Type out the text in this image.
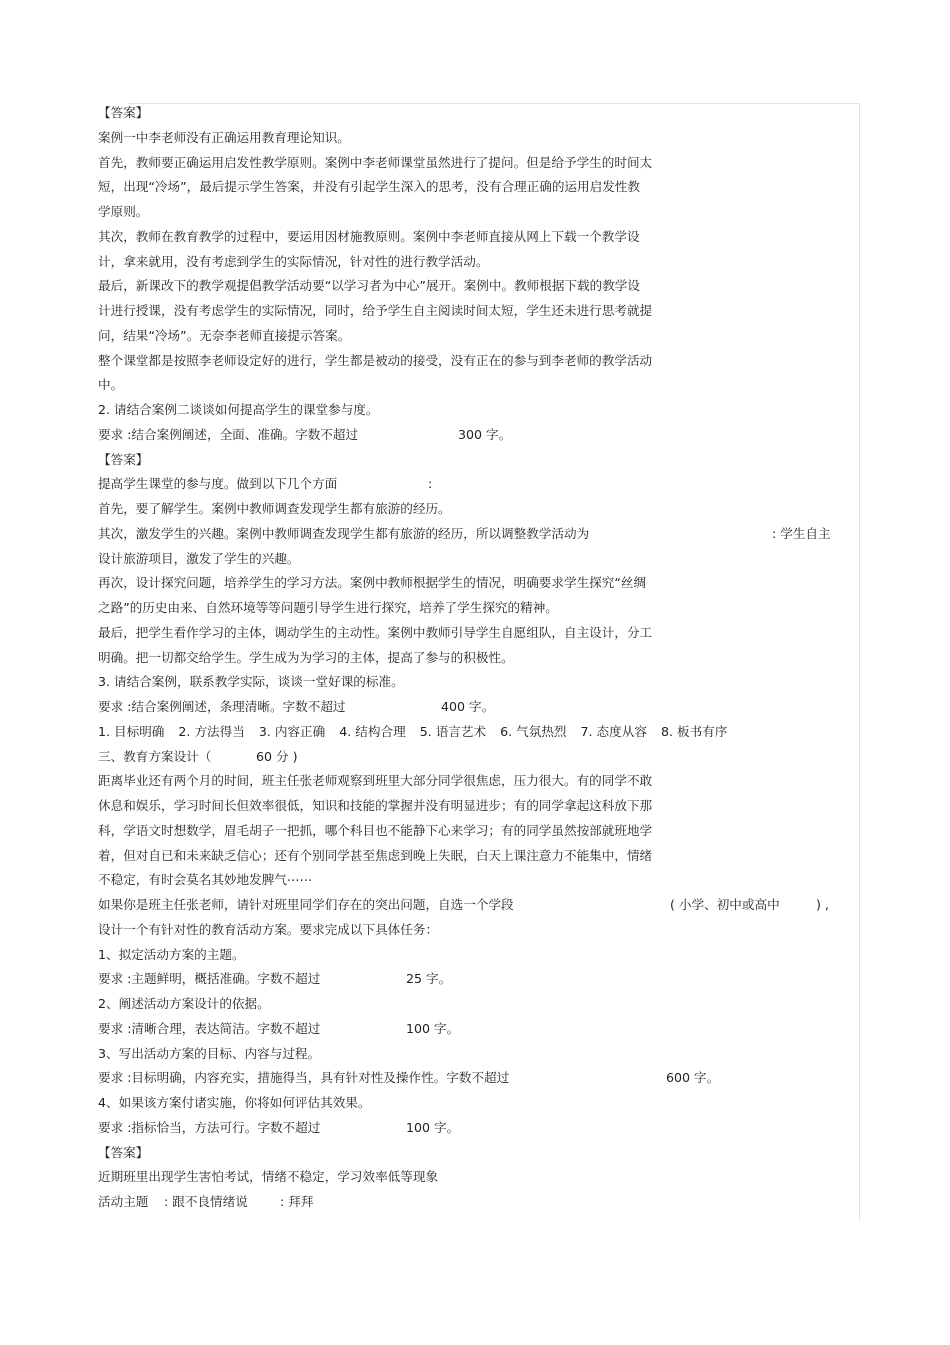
【答案】
案例一中李老师没有正确运用教育理论知识。
首先，教师要正确运用启发性教学原则。案例中李老师课堂虽然进行了提问。但是给予学生的时间太
短，出现“冷场”，最后提示学生答案，并没有引起学生深入的思考，没有合理正确的运用启发性教
学原则。
其次，教师在教育教学的过程中，要运用因材施教原则。案例中李老师直接从网上下载一个教学设
计，拿来就用，没有考虑到学生的实际情况，针对性的进行教学活动。
最后，新课改下的教学观提倡教学活动要“以学习者为中心”展开。案例中。教师根据下载的教学设
计进行授课，没有考虑学生的实际情况，同时，给予学生自主阅读时间太短，学生还未进行思考就提
问，结果“冷场”。无奈李老师直接提示答案。
整个课堂都是按照李老师设定好的进行，学生都是被动的接受，没有正在的参与到李老师的教学活动
中。
2. 请结合案例二谈谈如何提高学生的课堂参与度。
要求 :结合案例阐述，全面、准确。字数不超过	300 字。
【答案】
提高学生课堂的参与度。做到以下几个方面	:
首先，要了解学生。案例中教师调查发现学生都有旅游的经历。
其次，激发学生的兴趣。案例中教师调查发现学生都有旅游的经历，所以调整教学活动为	: 学生自主
设计旅游项目，激发了学生的兴趣。
再次，设计探究问题，培养学生的学习方法。案例中教师根据学生的情况，明确要求学生探究“丝绸
之路”的历史由来、自然环境等等问题引导学生进行探究，培养了学生探究的精神。
最后，把学生看作学习的主体，调动学生的主动性。案例中教师引导学生自愿组队，自主设计，分工
明确。把一切都交给学生。学生成为为学习的主体，提高了参与的积极性。
3. 请结合案例，联系教学实际，谈谈一堂好课的标准。
要求 :结合案例阐述，条理清晰。字数不超过	400 字。
1. 目标明确 2. 方法得当 3. 内容正确 4. 结构合理 5. 语言艺术 6. 气氛热烈 7. 态度从容 8. 板书有序
三、教育方案设计（	60 分 )
距离毕业还有两个月的时间，班主任张老师观察到班里大部分同学很焦虑，压力很大。有的同学不敢
休息和娱乐，学习时间长但效率很低，知识和技能的掌握并没有明显进步；有的同学拿起这科放下那
科，学语文时想数学，眉毛胡子一把抓，哪个科目也不能静下心来学习；有的同学虽然按部就班地学
着，但对自已和未来缺乏信心；还有个别同学甚至焦虑到晚上失眠，白天上课注意力不能集中，情绪
不稳定，有时会莫名其妙地发脾气⋯⋯
如果你是班主任张老师，请针对班里同学们存在的突出问题，自选一个学段	( 小学、初中或高中	) ,
设计一个有针对性的教育活动方案。要求完成以下具体任务：
1、拟定活动方案的主题。
要求 :主题鲜明，概括准确。字数不超过	25 字。
2、阐述活动方案设计的依据。
要求 :清晰合理，表达简洁。字数不超过	100 字。
3、写出活动方案的目标、内容与过程。
要求 :目标明确，内容充实，措施得当，具有针对性及操作性。字数不超过	600 字。
4、如果该方案付诸实施，你将如何评估其效果。
要求 :指标恰当，方法可行。字数不超过	100 字。
【答案】
近期班里出现学生害怕考试，情绪不稳定，学习效率低等现象
活动主题 : 跟不良情绪说	: 拜拜
